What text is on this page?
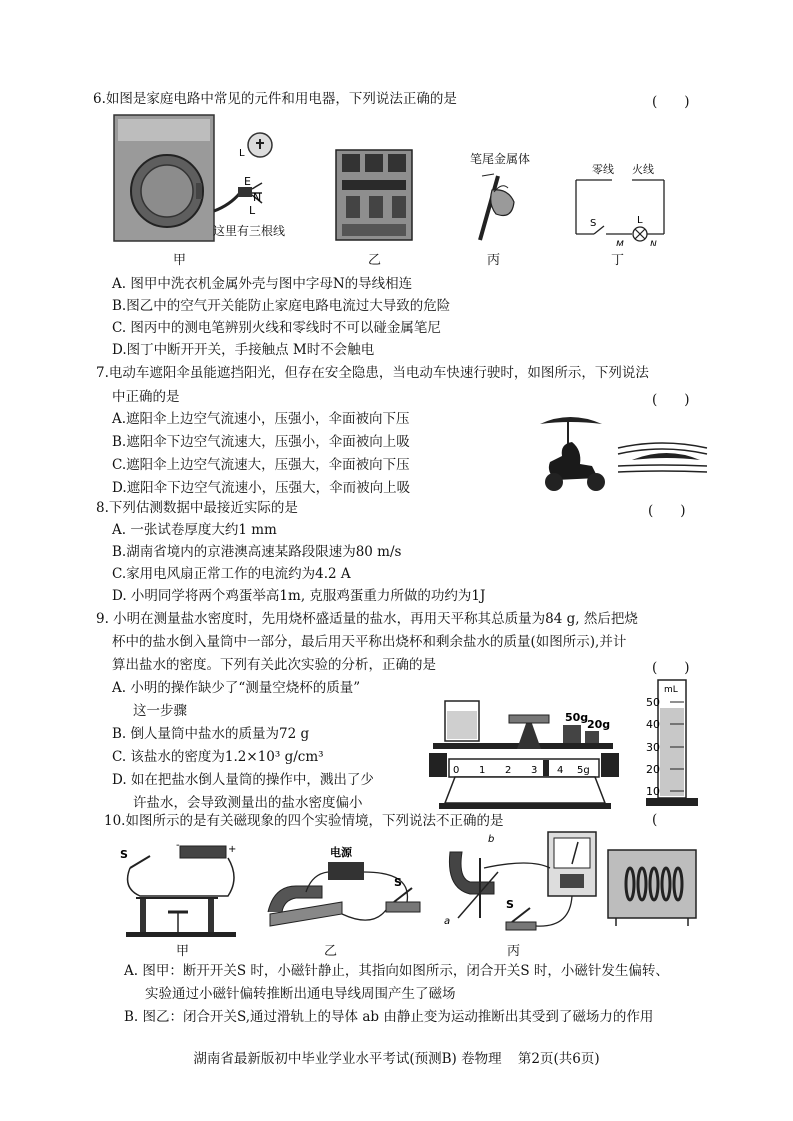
6.如图是家庭电路中常见的元件和用电器，下列说法正确的是	(　　)
L
E
N
L
这里有三根线
笔尾金属体
零线 火线
S	L
M	N
甲	乙	丙	丁
A. 图甲中洗衣机金属外壳与图中字母N的导线相连
B.图乙中的空气开关能防止家庭电路电流过大导致的危险
C. 图丙中的测电笔辨别火线和零线时不可以碰金属笔尼
D.图丁中断开开关，手接触点 M时不会触电
7.电动车遮阳伞虽能遮挡阳光，但存在安全隐患，当电动车快速行驶时，如图所示，下列说法
中正确的是	(　　)
A.遮阳伞上边空气流速小，压强小，伞面被向下压
B.遮阳伞下边空气流速大，压强小，伞面被向上吸
C.遮阳伞上边空气流速大，压强大，伞面被向下压
D.遮阳伞下边空气流速小，压强大，伞而被向上吸
8.下列估测数据中最接近实际的是	(　　)
A. 一张试卷厚度大约1 mm
B.湖南省境内的京港澳高速某路段限速为80 m/s
C.家用电风扇正常工作的电流约为4.2 A
D. 小明同学将两个鸡蛋举高1m, 克服鸡蛋重力所做的功约为1J
9. 小明在测量盐水密度时，先用烧杯盛适量的盐水，再用天平称其总质量为84 g, 然后把烧
杯中的盐水倒入量筒中一部分，最后用天平称出烧杯和剩余盐水的质量(如图所示),并计
算出盐水的密度。下列有关此次实验的分析，正确的是	(　　)
A. 小明的操作缺少了“测量空烧杯的质量”
这一步骤
B. 倒人量筒中盐水的质量为72 g
C. 该盐水的密度为1.2×10³ g/cm³
D. 如在把盐水倒人量筒的操作中，溅出了少
许盐水，会导致测量出的盐水密度偏小
50g
20g
0 1 2 3 4 5g
mL
50
40
30
20
10
10.如图所示的是有关磁现象的四个实验情境，下列说法不正确的是	(
S
-	+	电源
S
b
a
S
甲	乙	丙
A. 图甲：断开开关S 时，小磁针静止，其指向如图所示，闭合开关S 时，小磁针发生偏转、
实验通过小磁针偏转推断出通电导线周围产生了磁场
B. 图乙：闭合开关S,通过滑轨上的导体 ab 由静止变为运动推断出其受到了磁场力的作用
湖南省最新版初中毕业学业水平考试(预测B) 卷物理 第2页(共6页)
